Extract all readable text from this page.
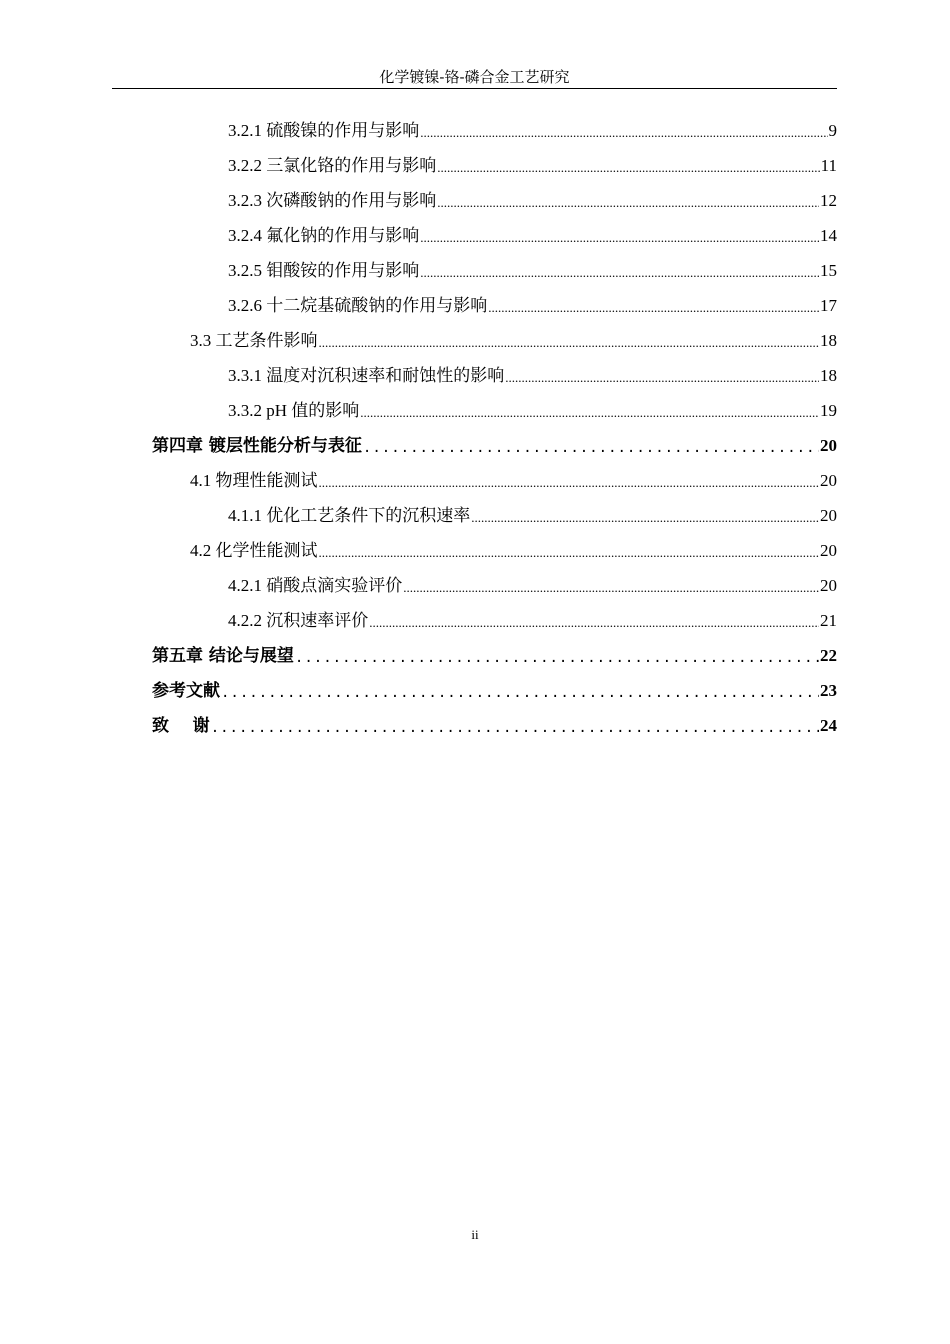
化学镀镍-铬-磷合金工艺研究
3.2.1 硫酸镍的作用与影响 .....	9
3.2.2 三氯化铬的作用与影响 .....	11
3.2.3 次磷酸钠的作用与影响 .....	12
3.2.4 氟化钠的作用与影响 .....	14
3.2.5 钼酸铵的作用与影响 .....	15
3.2.6 十二烷基硫酸钠的作用与影响 .....	17
3.3 工艺条件影响 .....	18
3.3.1 温度对沉积速率和耐蚀性的影响 .....	18
3.3.2 pH 值的影响 .....	19
第四章 镀层性能分析与表征 .....	20
4.1 物理性能测试 .....	20
4.1.1 优化工艺条件下的沉积速率 .....	20
4.2 化学性能测试 .....	20
4.2.1 硝酸点滴实验评价 .....	20
4.2.2 沉积速率评价 .....	21
第五章 结论与展望 .....	22
参考文献 .....	23
致    谢 .....	24
ii
